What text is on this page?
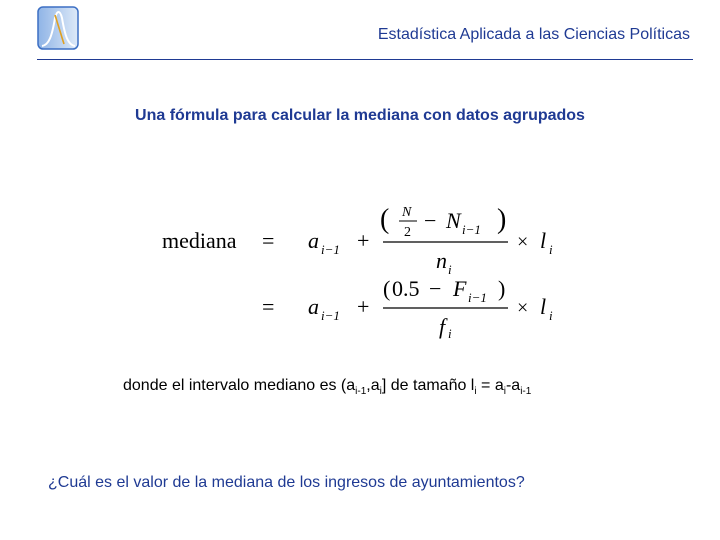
Estadística Aplicada a las Ciencias Políticas
Una fórmula para calcular la mediana con datos agrupados
mediana = a i−1 +
( N
2 − N i−1 )
n i
× l i
= a i−1 +
( 0.5 − F i−1 )
f i
× l i
donde el intervalo mediano es $(a_{i-1},a_i]$ de tamaño $l_i = a_i-a_{i-1}$
¿Cuál es el valor de la mediana de los ingresos de ayuntamientos?
